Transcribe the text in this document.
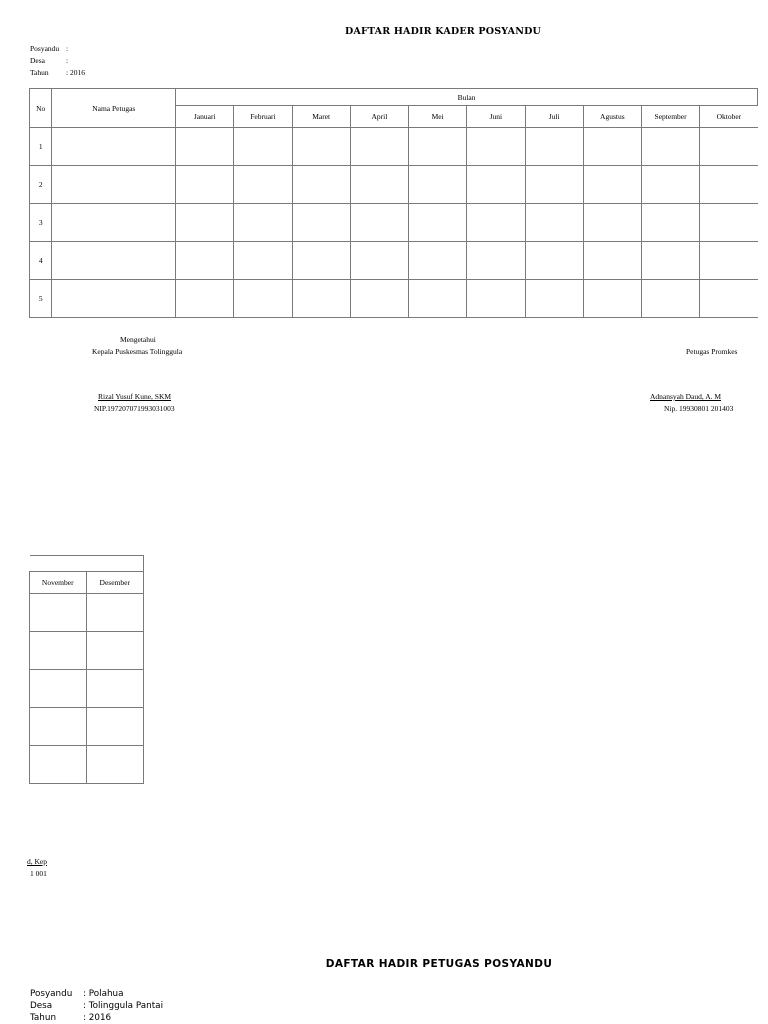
DAFTAR HADIR KADER POSYANDU
Posyandu :
Desa	:
Tahun : 2016
No	Nama Petugas	Bulan									
		Januari	Februari	Maret	April	Mei	Juni	Juli	Agustus	September	Oktober
1											
2											
3											
4											
5											
Mengetahui
Kepala Puskesmas Tolinggula
Rizal Yusuf Kune, SKM
NIP.197207071993031003
Petugas Promkes
Adnansyah Daud, A. M
Nip. 19930801 201403

November	Desember

d, Kep
1 001
DAFTAR HADIR PETUGAS POSYANDU
Posyandu : Polahua
Desa	: Tolinggula Pantai
Tahun	: 2016
